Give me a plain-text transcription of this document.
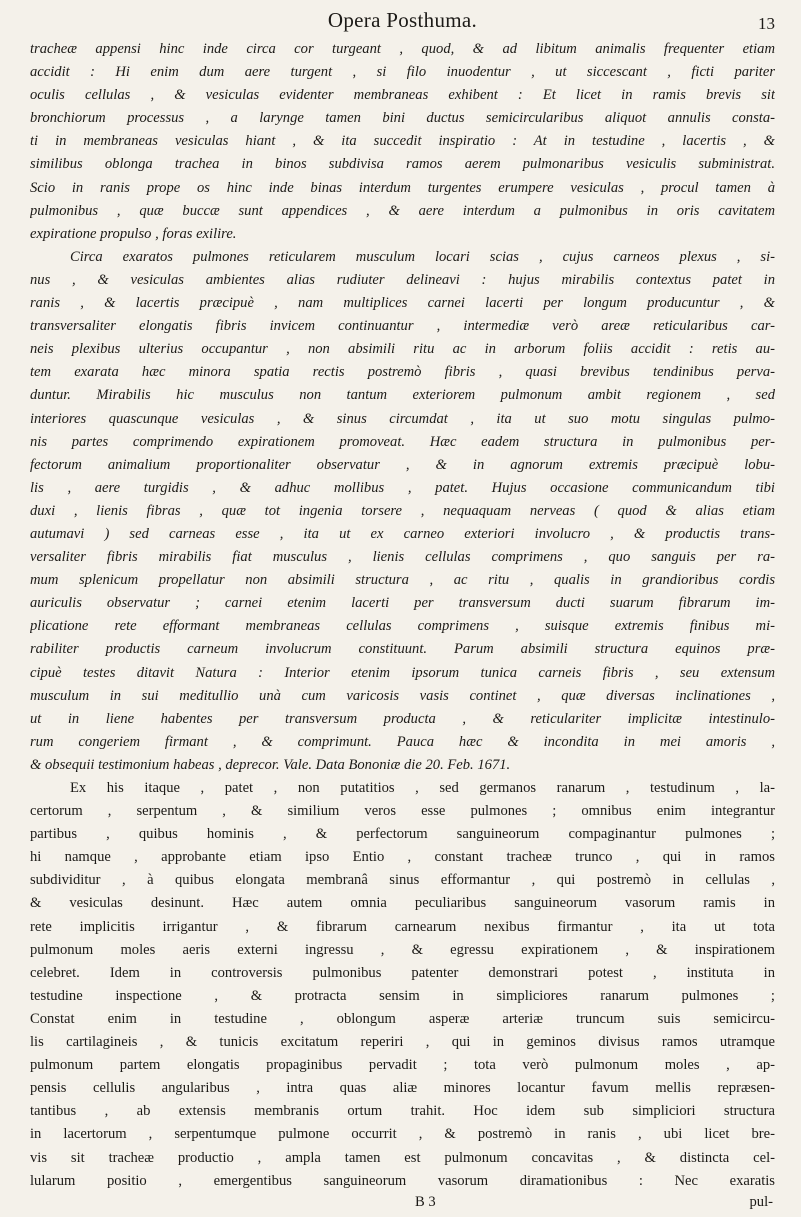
Opera Posthuma.	13
tracheæ appensi hinc inde circa cor turgeant , quod, & ad libitum animalis frequenter etiam
accidit : Hi enim dum aere turgent , si filo inuodentur , ut siccescant , ficti pariter
oculis cellulas , & vesiculas evidenter membraneas exhibent : Et licet in ramis brevis sit
bronchiorum processus , a larynge tamen bini ductus semicircularibus aliquot annulis consta-
ti in membraneas vesiculas hiant , & ita succedit inspiratio : At in testudine , lacertis , &
similibus oblonga trachea in binos subdivisa ramos aerem pulmonaribus vesiculis subministrat.
Scio in ranis prope os hinc inde binas interdum turgentes erumpere vesiculas , procul tamen à
pulmonibus , quæ buccæ sunt appendices , & aere interdum a pulmonibus in oris cavitatem
expiratione propulso , foras exilire.
Circa exaratos pulmones reticularem musculum locari scias , cujus carneos plexus , si-
nus , & vesiculas ambientes alias rudiuter delineavi : hujus mirabilis contextus patet in
ranis , & lacertis præcipuè , nam multiplices carnei lacerti per longum producuntur , &
transversaliter elongatis fibris invicem continuantur , intermediæ verò areæ reticularibus car-
neis plexibus ulterius occupantur , non absimili ritu ac in arborum foliis accidit : retis au-
tem exarata hæc minora spatia rectis postremò fibris , quasi brevibus tendinibus perva-
duntur. Mirabilis hic musculus non tantum exteriorem pulmonum ambit regionem , sed
interiores quascunque vesiculas , & sinus circumdat , ita ut suo motu singulas pulmo-
nis partes comprimendo expirationem promoveat. Hæc eadem structura in pulmonibus per-
fectorum animalium proportionaliter observatur , & in agnorum extremis præcipuè lobu-
lis , aere turgidis , & adhuc mollibus , patet. Hujus occasione communicandum tibi
duxi , lienis fibras , quæ tot ingenia torsere , nequaquam nerveas ( quod & alias etiam
autumavi ) sed carneas esse , ita ut ex carneo exteriori involucro , & productis trans-
versaliter fibris mirabilis fiat musculus , lienis cellulas comprimens , quo sanguis per ra-
mum splenicum propellatur non absimili structura , ac ritu , qualis in grandioribus cordis
auriculis observatur ; carnei etenim lacerti per transversum ducti suarum fibrarum im-
plicatione rete efformant membraneas cellulas comprimens , suisque extremis finibus mi-
rabiliter productis carneum involucrum constituunt. Parum absimili structura equinos præ-
cipuè testes ditavit Natura : Interior etenim ipsorum tunica carneis fibris , seu extensum
musculum in sui meditullio unà cum varicosis vasis continet , quæ diversas inclinationes ,
ut in liene habentes per transversum producta , & reticulariter implicitæ intestinulo-
rum congeriem firmant , & comprimunt. Pauca hæc & incondita in mei amoris ,
& obsequii testimonium habeas , deprecor. Vale. Data Bononiæ die 20. Feb. 1671.
Ex his itaque , patet , non putatitios , sed germanos ranarum , testudinum , la-
certorum , serpentum , & similium veros esse pulmones ; omnibus enim integrantur
partibus , quibus hominis , & perfectorum sanguineorum compaginantur pulmones ;
hi namque , approbante etiam ipso Entio , constant tracheæ trunco , qui in ramos
subdividitur , à quibus elongata membranâ sinus efformantur , qui postremò in cellulas ,
& vesiculas desinunt. Hæc autem omnia peculiaribus sanguineorum vasorum ramis in
rete implicitis irrigantur , & fibrarum carnearum nexibus firmantur , ita ut tota
pulmonum moles aeris externi ingressu , & egressu expirationem , & inspirationem
celebret. Idem in controversis pulmonibus patenter demonstrari potest , instituta in
testudine inspectione , & protracta sensim in simpliciores ranarum pulmones ;
Constat enim in testudine , oblongum asperæ arteriæ truncum suis semicircu-
lis cartilagineis , & tunicis excitatum reperiri , qui in geminos divisus ramos utramque
pulmonum partem elongatis propaginibus pervadit ; tota verò pulmonum moles , ap-
pensis cellulis angularibus , intra quas aliæ minores locantur favum mellis repræsen-
tantibus , ab extensis membranis ortum trahit. Hoc idem sub simpliciori structura
in lacertorum , serpentumque pulmone occurrit , & postremò in ranis , ubi licet bre-
vis sit tracheæ productio , ampla tamen est pulmonum concavitas , & distincta cel-
lularum positio , emergentibus sanguineorum vasorum diramationibus : Nec exaratis
B 3	pul-
